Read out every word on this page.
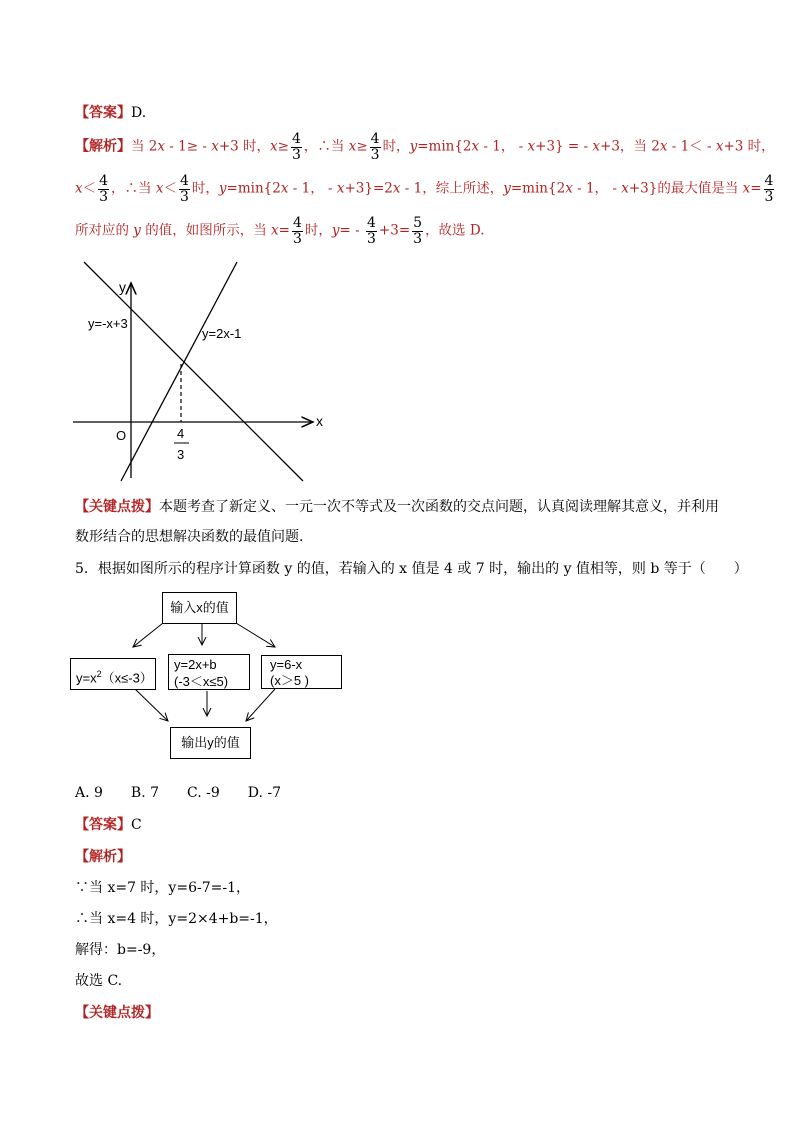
【答案】D.
【解析】当 2x - 1≥ - x+3 时，$x\ge \frac{4}{3}$ ，∴当 $x\ge \frac{4}{3}$ 时，y=min{2x - 1， - x+3} = - x+3，当 2x - 1＜ - x+3 时，
$x< \frac{4}{3}$ ，∴当 $x< \frac{4}{3}$ 时，y=min{2x - 1， - x+3}=2x - 1，综上所述，y=min{2x - 1， - x+3}的最大值是当 $x= \frac{4}{3}$
所对应的 y 的值，如图所示，当 $x= \frac{4}{3}$ 时，$y= - \frac{4}{3} +3= \frac{5}{3}$ ，故选 D.
y
x
O
y=-x+3
y=2x-1
4
3
【关键点拨】本题考查了新定义、一元一次不等式及一次函数的交点问题，认真阅读理解其意义，并利用
数形结合的思想解决函数的最值问题.
5．根据如图所示的程序计算函数 y 的值，若输入的 x 值是 4 或 7 时，输出的 y 值相等，则 b 等于（　　）
输入x的值
$y=x^2(x\le-3)$
y=2x+b
(-3＜x≤5)
y=6-x
(x＞5 )
输出y的值
A. 9　　B. 7　　C. -9　　D. -7
【答案】C
【解析】
∵当 x=7 时，y=6-7=-1，
∴当 x=4 时，y=2×4+b=-1，
解得：b=-9，
故选 C.
【关键点拨】
